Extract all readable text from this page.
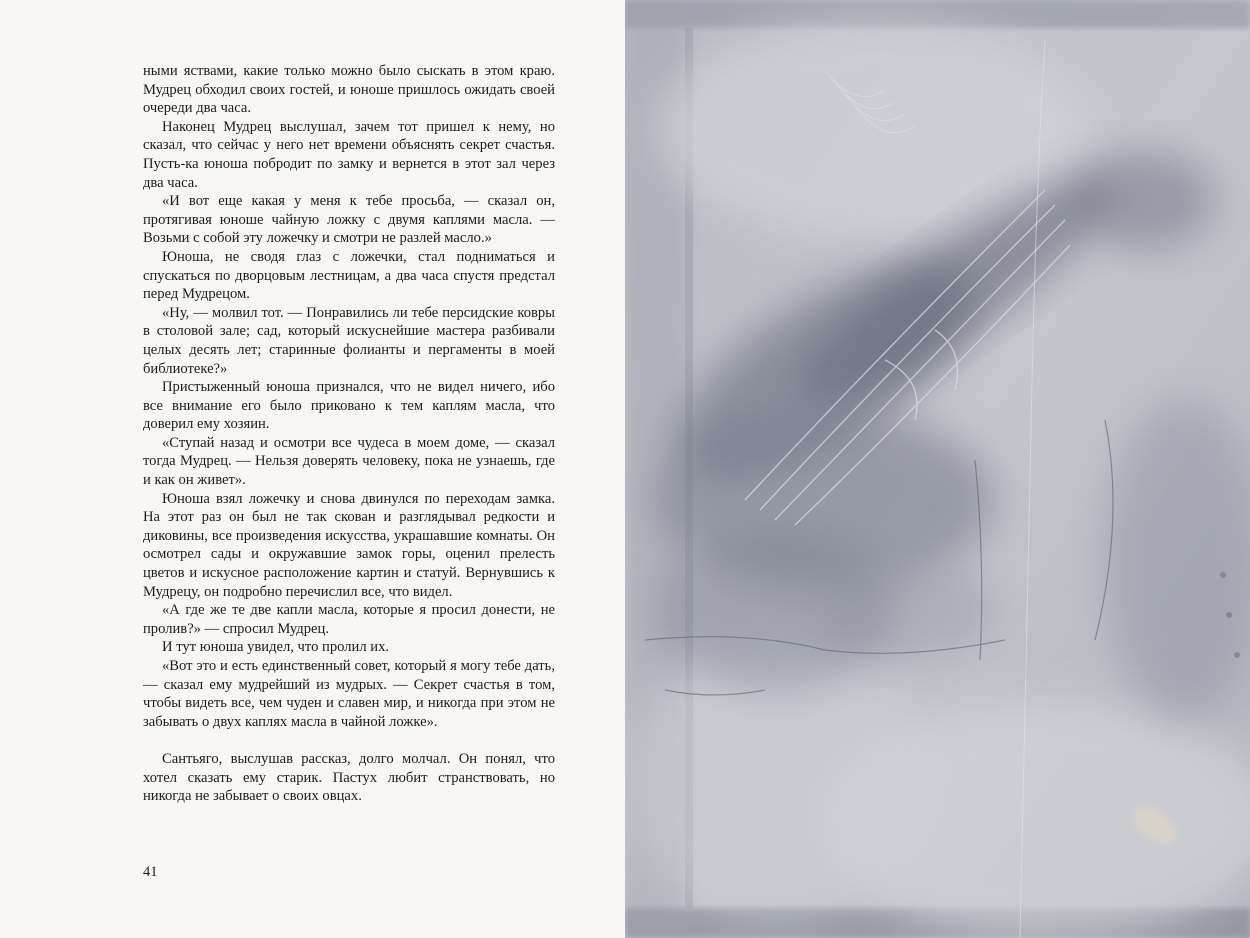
ными яствами, какие только можно было сыскать в этом краю. Мудрец обходил своих гостей, и юноше пришлось ожидать своей очереди два часа.

Наконец Мудрец выслушал, зачем тот пришел к нему, но сказал, что сейчас у него нет времени объяснять секрет счастья. Пусть-ка юноша побродит по замку и вернется в этот зал через два часа.

«И вот еще какая у меня к тебе просьба, — сказал он, протягивая юноше чайную ложку с двумя каплями масла. — Возьми с собой эту ложечку и смотри не разлей масло.»

Юноша, не сводя глаз с ложечки, стал подниматься и спускаться по дворцовым лестницам, а два часа спустя предстал перед Мудрецом.

«Ну, — молвил тот. — Понравились ли тебе персидские ковры в столовой зале; сад, который искуснейшие мастера разбивали целых десять лет; старинные фолианты и пергаменты в моей библиотеке?»

Пристыженный юноша признался, что не видел ничего, ибо все внимание его было приковано к тем каплям масла, что доверил ему хозяин.

«Ступай назад и осмотри все чудеса в моем доме, — сказал тогда Мудрец. — Нельзя доверять человеку, пока не узнаешь, где и как он живет».

Юноша взял ложечку и снова двинулся по переходам замка. На этот раз он был не так скован и разглядывал редкости и диковины, все произведения искусства, украшавшие комнаты. Он осмотрел сады и окружавшие замок горы, оценил прелесть цветов и искусное расположение картин и статуй. Вернувшись к Мудрецу, он подробно перечислил все, что видел.

«А где же те две капли масла, которые я просил донести, не пролив?» — спросил Мудрец.

И тут юноша увидел, что пролил их.

«Вот это и есть единственный совет, который я могу тебе дать, — сказал ему мудрейший из мудрых. — Секрет счастья в том, чтобы видеть все, чем чуден и славен мир, и никогда при этом не забывать о двух каплях масла в чайной ложке».

Сантьяго, выслушав рассказ, долго молчал. Он понял, что хотел сказать ему старик. Пастух любит странствовать, но никогда не забывает о своих овцах.

41
